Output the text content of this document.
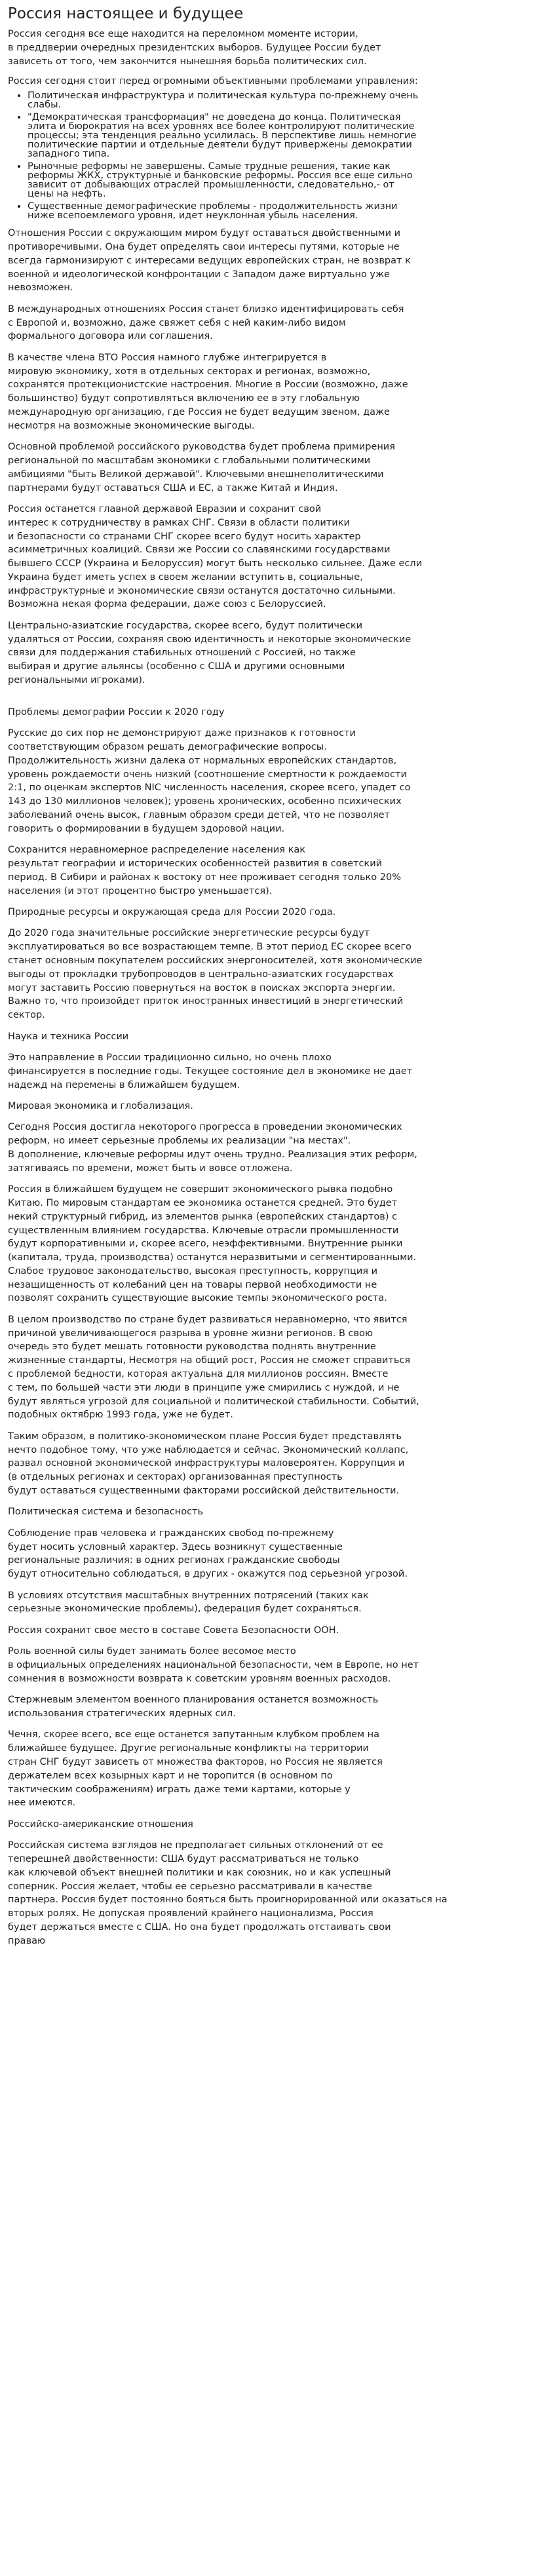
Россия настоящее и будущее

Россия сегодня все еще находится на переломном моменте истории,
в преддверии очередных президентских выборов. Будущее России будет
зависеть от того, чем закончится нынешняя борьба политических сил.

Россия сегодня стоит перед огромными объективными проблемами управления:

• Политическая инфраструктура и политическая культура по-прежнему очень
слабы.
• "Демократическая трансформация" не доведена до конца. Политическая
элита и бюрократия на всех уровнях все более контролируют политические
процессы; эта тенденция реально усилилась. В перспективе лишь немногие
политические партии и отдельные деятели будут привержены демократии
западного типа.
• Рыночные реформы не завершены. Самые трудные решения, такие как
реформы ЖКХ, структурные и банковские реформы. Россия все еще сильно
зависит от добывающих отраслей промышленности, следовательно,- от
цены на нефть.
• Существенные демографические проблемы - продолжительность жизни
ниже всепоемлемого уровня, идет неуклонная убыль населения.

Отношения России с окружающим миром будут оставаться двойственными и
противоречивыми. Она будет определять свои интересы путями, которые не
всегда гармонизируют с интересами ведущих европейских стран, не возврат к
военной и идеологической конфронтации с Западом даже виртуально уже
невозможен.

В международных отношениях Россия станет близко идентифицировать себя
с Европой и, возможно, даже свяжет себя с ней каким-либо видом
формального договора или соглашения.

В качестве члена ВТО Россия намного глубже интегрируется в
мировую экономику, хотя в отдельных секторах и регионах, возможно,
сохранятся протекционистские настроения. Многие в России (возможно, даже
большинство) будут сопротивляться включению ее в эту глобальную
международную организацию, где Россия не будет ведущим звеном, даже
несмотря на возможные экономические выгоды.

Основной проблемой российского руководства будет проблема примирения
региональной по масштабам экономики с глобальными политическими
амбициями "быть Великой державой". Ключевыми внешнеполитическими
партнерами будут оставаться США и ЕС, а также Китай и Индия.

Россия останется главной державой Евразии и сохранит свой
интерес к сотрудничеству в рамках СНГ. Связи в области политики
и безопасности со странами СНГ скорее всего будут носить характер
асимметричных коалиций. Связи же России со славянскими государствами
бывшего СССР (Украина и Белоруссия) могут быть несколько сильнее. Даже если
Украина будет иметь успех в своем желании вступить в, социальные,
инфраструктурные и экономические связи останутся достаточно сильными.
Возможна некая форма федерации, даже союз с Белоруссией.

Центрально-азиатские государства, скорее всего, будут политически
удаляться от России, сохраняя свою идентичность и некоторые экономические
связи для поддержания стабильных отношений с Россией, но также
выбирая и другие альянсы (особенно с США и другими основными
региональными игроками).

Проблемы демографии России к 2020 году

Русские до сих пор не демонстрируют даже признаков к готовности
соответствующим образом решать демографические вопросы.
Продолжительность жизни далека от нормальных европейских стандартов,
уровень рождаемости очень низкий (соотношение смертности к рождаемости
2:1, по оценкам экспертов NIC численность населения, скорее всего, упадет со
143 до 130 миллионов человек); уровень хронических, особенно психических
заболеваний очень высок, главным образом среди детей, что не позволяет
говорить о формировании в будущем здоровой нации.

Сохранится неравномерное распределение населения как
результат географии и исторических особенностей развития в советский
период. В Сибири и районах к востоку от нее проживает сегодня только 20%
населения (и этот процентно быстро уменьшается).

Природные ресурсы и окружающая среда для России 2020 года.

До 2020 года значительные российские энергетические ресурсы будут
эксплуатироваться во все возрастающем темпе. В этот период ЕС скорее всего
станет основным покупателем российских энергоносителей, хотя экономические
выгоды от прокладки трубопроводов в центрально-азиатских государствах
могут заставить Россию повернуться на восток в поисках экспорта энергии.
Важно то, что произойдет приток иностранных инвестиций в энергетический
сектор.

Наука и техника России

Это направление в России традиционно сильно, но очень плохо
финансируется в последние годы. Текущее состояние дел в экономике не дает
надежд на перемены в ближайшем будущем.

Мировая экономика и глобализация.

Сегодня Россия достигла некоторого прогресса в проведении экономических
реформ, но имеет серьезные проблемы их реализации "на местах".
В дополнение, ключевые реформы идут очень трудно. Реализация этих реформ,
затягиваясь по времени, может быть и вовсе отложена.

Россия в ближайшем будущем не совершит экономического рывка подобно
Китаю. По мировым стандартам ее экономика останется средней. Это будет
некий структурный гибрид, из элементов рынка (европейских стандартов) с
существленным влиянием государства. Ключевые отрасли промышленности
будут корпоративными и, скорее всего, неэффективными. Внутренние рынки
(капитала, труда, производства) останутся неразвитыми и сегментированными.
Слабое трудовое законодательство, высокая преступность, коррупция и
незащищенность от колебаний цен на товары первой необходимости не
позволят сохранить существующие высокие темпы экономического роста.

В целом производство по стране будет развиваться неравномерно, что явится
причиной увеличивающегося разрыва в уровне жизни регионов. В свою
очередь это будет мешать готовности руководства поднять внутренние
жизненные стандарты, Несмотря на общий рост, Россия не сможет справиться
с проблемой бедности, которая актуальна для миллионов россиян. Вместе
с тем, по большей части эти люди в принципе уже смирились с нуждой, и не
будут являться угрозой для социальной и политической стабильности. Событий,
подобных октябрю 1993 года, уже не будет.

Таким образом, в политико-экономическом плане Россия будет представлять
нечто подобное тому, что уже наблюдается и сейчас. Экономический коллапс,
развал основной экономической инфраструктуры маловероятен. Коррупция и
(в отдельных регионах и секторах) организованная преступность
будут оставаться существенными факторами российской действительности.

Политическая система и безопасность

Соблюдение прав человека и гражданских свобод по-прежнему
будет носить условный характер. Здесь возникнут существенные
региональные различия: в одних регионах гражданские свободы
будут относительно соблюдаться, в других - окажутся под серьезной угрозой.

В условиях отсутствия масштабных внутренних потрясений (таких как
серьезные экономические проблемы), федерация будет сохраняться.

Россия сохранит свое место в составе Совета Безопасности ООН.

Роль военной силы будет занимать более весомое место
в официальных определениях национальной безопасности, чем в Европе, но нет
сомнения в возможности возврата к советским уровням военных расходов.

Стержневым элементом военного планирования останется возможность
использования стратегических ядерных сил.

Чечня, скорее всего, все еще останется запутанным клубком проблем на
ближайшее будущее. Другие региональные конфликты на территории
стран СНГ будут зависеть от множества факторов, но Россия не является
держателем всех козырных карт и не торопится (в основном по
тактическим соображениям) играть даже теми картами, которые у
нее имеются.

Российско-американские отношения

Российская система взглядов не предполагает сильных отклонений от ее
теперешней двойственности: США будут рассматриваться не только
как ключевой объект внешней политики и как союзник, но и как успешный
соперник. Россия желает, чтобы ее серьезно рассматривали в качестве
партнера. Россия будет постоянно бояться быть проигнорированной или оказаться на
вторых ролях. Не допуская проявлений крайнего национализма, Россия
будет держаться вместе с США. Но она будет продолжать отстаивать свои
праваю
